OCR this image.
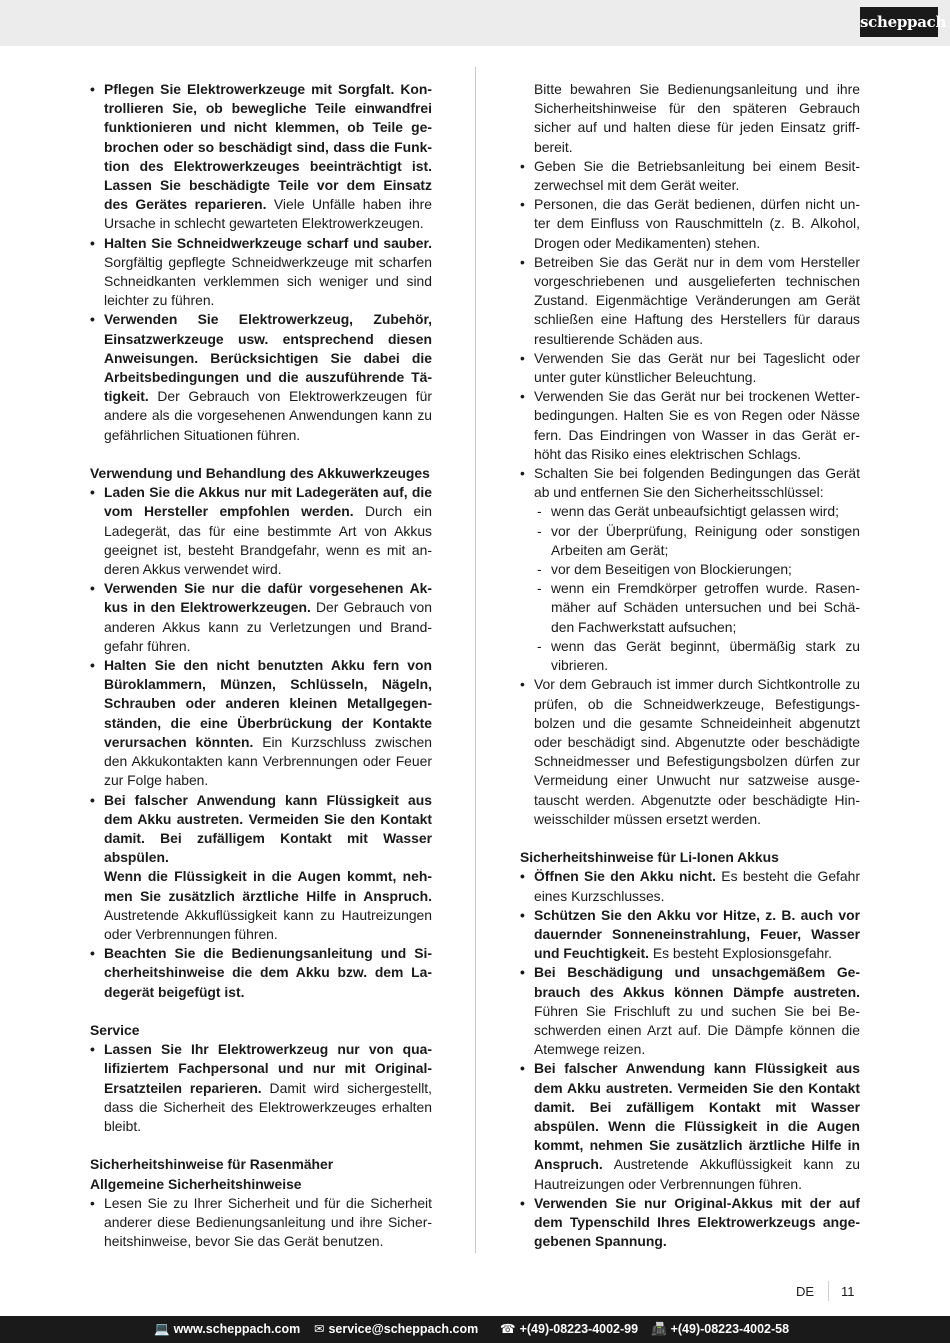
scheppach
• Pflegen Sie Elektrowerkzeuge mit Sorgfalt. Kontrollieren Sie, ob bewegliche Teile einwandfrei funktionieren und nicht klemmen, ob Teile gebrochen oder so beschädigt sind, dass die Funktion des Elektrowerkzeuges beeinträchtigt ist. Lassen Sie beschädigte Teile vor dem Einsatz des Gerätes reparieren. Viele Unfälle haben ihre Ursache in schlecht gewarteten Elektrowerkzeugen.
• Halten Sie Schneidwerkzeuge scharf und sauber. Sorgfältig gepflegte Schneidwerkzeuge mit scharfen Schneidkanten verklemmen sich weniger und sind leichter zu führen.
• Verwenden Sie Elektrowerkzeug, Zubehör, Einsatzwerkzeuge usw. entsprechend diesen Anweisungen. Berücksichtigen Sie dabei die Arbeitsbedingungen und die auszuführende Tätigkeit. Der Gebrauch von Elektrowerkzeugen für andere als die vorgesehenen Anwendungen kann zu gefährlichen Situationen führen.
Verwendung und Behandlung des Akkuwerkzeuges
• Laden Sie die Akkus nur mit Ladegeräten auf, die vom Hersteller empfohlen werden. Durch ein Ladegerät, das für eine bestimmte Art von Akkus geeignet ist, besteht Brandgefahr, wenn es mit anderen Akkus verwendet wird.
• Verwenden Sie nur die dafür vorgesehenen Akkus in den Elektrowerkzeugen. Der Gebrauch von anderen Akkus kann zu Verletzungen und Brandgefahr führen.
• Halten Sie den nicht benutzten Akku fern von Büroklammern, Münzen, Schlüsseln, Nägeln, Schrauben oder anderen kleinen Metallgegenständen, die eine Überbrückung der Kontakte verursachen könnten. Ein Kurzschluss zwischen den Akkukontakten kann Verbrennungen oder Feuer zur Folge haben.
• Bei falscher Anwendung kann Flüssigkeit aus dem Akku austreten. Vermeiden Sie den Kontakt damit. Bei zufälligem Kontakt mit Wasser abspülen.
Wenn die Flüssigkeit in die Augen kommt, nehmen Sie zusätzlich ärztliche Hilfe in Anspruch. Austretende Akkuflüssigkeit kann zu Hautreizungen oder Verbrennungen führen.
• Beachten Sie die Bedienungsanleitung und Sicherheitshinweise die dem Akku bzw. dem Ladegerät beigefügt ist.
Service
• Lassen Sie Ihr Elektrowerkzeug nur von qualifiziertem Fachpersonal und nur mit Original-Ersatzteilen reparieren. Damit wird sichergestellt, dass die Sicherheit des Elektrowerkzeuges erhalten bleibt.
Sicherheitshinweise für Rasenmäher
Allgemeine Sicherheitshinweise
• Lesen Sie zu Ihrer Sicherheit und für die Sicherheit anderer diese Bedienungsanleitung und ihre Sicherheitshinweise, bevor Sie das Gerät benutzen.
Bitte bewahren Sie Bedienungsanleitung und ihre Sicherheitshinweise für den späteren Gebrauch sicher auf und halten diese für jeden Einsatz griffbereit.
• Geben Sie die Betriebsanleitung bei einem Besitzerwechsel mit dem Gerät weiter.
• Personen, die das Gerät bedienen, dürfen nicht unter dem Einfluss von Rauschmitteln (z. B. Alkohol, Drogen oder Medikamenten) stehen.
• Betreiben Sie das Gerät nur in dem vom Hersteller vorgeschriebenen und ausgelieferten technischen Zustand. Eigenmächtige Veränderungen am Gerät schließen eine Haftung des Herstellers für daraus resultierende Schäden aus.
• Verwenden Sie das Gerät nur bei Tageslicht oder unter guter künstlicher Beleuchtung.
• Verwenden Sie das Gerät nur bei trockenen Wetterbedingungen. Halten Sie es von Regen oder Nässe fern. Das Eindringen von Wasser in das Gerät erhöht das Risiko eines elektrischen Schlags.
• Schalten Sie bei folgenden Bedingungen das Gerät ab und entfernen Sie den Sicherheitsschlüssel:
- wenn das Gerät unbeaufsichtigt gelassen wird;
- vor der Überprüfung, Reinigung oder sonstigen Arbeiten am Gerät;
- vor dem Beseitigen von Blockierungen;
- wenn ein Fremdkörper getroffen wurde. Rasenmäher auf Schäden untersuchen und bei Schäden Fachwerkstatt aufsuchen;
- wenn das Gerät beginnt, übermäßig stark zu vibrieren.
• Vor dem Gebrauch ist immer durch Sichtkontrolle zu prüfen, ob die Schneidwerkzeuge, Befestigungsbolzen und die gesamte Schneideinheit abgenutzt oder beschädigt sind. Abgenutzte oder beschädigte Schneidmesser und Befestigungsbolzen dürfen zur Vermeidung einer Unwucht nur satzweise ausgetauscht werden. Abgenutzte oder beschädigte Hinweisschilder müssen ersetzt werden.
Sicherheitshinweise für Li-Ionen Akkus
• Öffnen Sie den Akku nicht. Es besteht die Gefahr eines Kurzschlusses.
• Schützen Sie den Akku vor Hitze, z. B. auch vor dauernder Sonneneinstrahlung, Feuer, Wasser und Feuchtigkeit. Es besteht Explosionsgefahr.
• Bei Beschädigung und unsachgemäßem Gebrauch des Akkus können Dämpfe austreten. Führen Sie Frischluft zu und suchen Sie bei Beschwerden einen Arzt auf. Die Dämpfe können die Atemwege reizen.
• Bei falscher Anwendung kann Flüssigkeit aus dem Akku austreten. Vermeiden Sie den Kontakt damit. Bei zufälligem Kontakt mit Wasser abspülen. Wenn die Flüssigkeit in die Augen kommt, nehmen Sie zusätzlich ärztliche Hilfe in Anspruch. Austretende Akkuflüssigkeit kann zu Hautreizungen oder Verbrennungen führen.
• Verwenden Sie nur Original-Akkus mit der auf dem Typenschild Ihres Elektrowerkzeugs angegebenen Spannung.
DE 11
💻 www.scheppach.com ✉ service@scheppach.com ☎ +(49)-08223-4002-99 📠 +(49)-08223-4002-58
